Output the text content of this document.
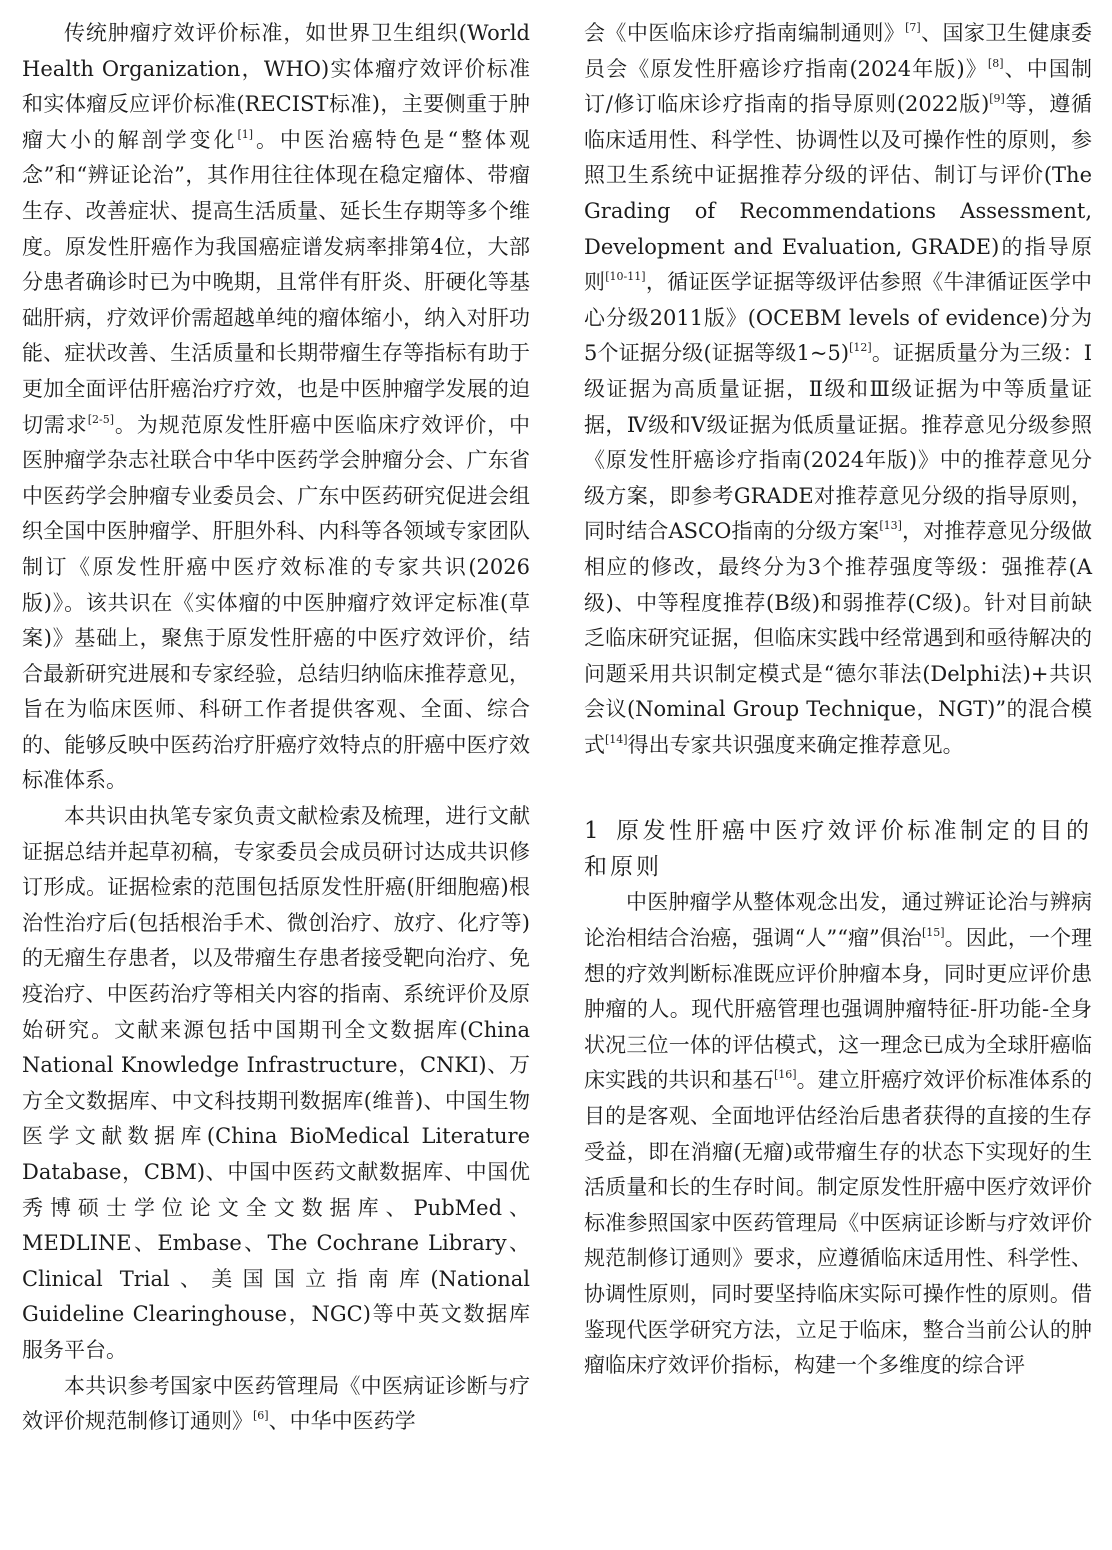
传统肿瘤疗效评价标准，如世界卫生组织(World Health Organization，WHO)实体瘤疗效评价标准和实体瘤反应评价标准(RECIST标准)，主要侧重于肿瘤大小的解剖学变化[1]。中医治癌特色是“整体观念”和“辨证论治”，其作用往往体现在稳定瘤体、带瘤生存、改善症状、提高生活质量、延长生存期等多个维度。原发性肝癌作为我国癌症谱发病率排第4位，大部分患者确诊时已为中晚期，且常伴有肝炎、肝硬化等基础肝病，疗效评价需超越单纯的瘤体缩小，纳入对肝功能、症状改善、生活质量和长期带瘤生存等指标有助于更加全面评估肝癌治疗疗效，也是中医肿瘤学发展的迫切需求[2-5]。为规范原发性肝癌中医临床疗效评价，中医肿瘤学杂志社联合中华中医药学会肿瘤分会、广东省中医药学会肿瘤专业委员会、广东中医药研究促进会组织全国中医肿瘤学、肝胆外科、内科等各领域专家团队制订《原发性肝癌中医疗效标准的专家共识(2026版)》。该共识在《实体瘤的中医肿瘤疗效评定标准(草案)》基础上，聚焦于原发性肝癌的中医疗效评价，结合最新研究进展和专家经验，总结归纳临床推荐意见，旨在为临床医师、科研工作者提供客观、全面、综合的、能够反映中医药治疗肝癌疗效特点的肝癌中医疗效标准体系。

本共识由执笔专家负责文献检索及梳理，进行文献证据总结并起草初稿，专家委员会成员研讨达成共识修订形成。证据检索的范围包括原发性肝癌(肝细胞癌)根治性治疗后(包括根治手术、微创治疗、放疗、化疗等)的无瘤生存患者，以及带瘤生存患者接受靶向治疗、免疫治疗、中医药治疗等相关内容的指南、系统评价及原始研究。文献来源包括中国期刊全文数据库(China National Knowledge Infrastructure，CNKI)、万方全文数据库、中文科技期刊数据库(维普)、中国生物医学文献数据库(China BioMedical Literature Database，CBM)、中国中医药文献数据库、中国优秀博硕士学位论文全文数据库、PubMed、MEDLINE、Embase、The Cochrane Library、Clinical Trial、美国国立指南库(National Guideline Clearinghouse，NGC)等中英文数据库服务平台。

本共识参考国家中医药管理局《中医病证诊断与疗效评价规范制修订通则》[6]、中华中医药学

会《中医临床诊疗指南编制通则》[7]、国家卫生健康委员会《原发性肝癌诊疗指南(2024年版)》[8]、中国制订/修订临床诊疗指南的指导原则(2022版)[9]等，遵循临床适用性、科学性、协调性以及可操作性的原则，参照卫生系统中证据推荐分级的评估、制订与评价(The Grading of Recommendations Assessment, Development and Evaluation, GRADE)的指导原则[10-11]，循证医学证据等级评估参照《牛津循证医学中心分级2011版》(OCEBM levels of evidence)分为5个证据分级(证据等级1~5)[12]。证据质量分为三级：Ⅰ级证据为高质量证据，Ⅱ级和Ⅲ级证据为中等质量证据，Ⅳ级和Ⅴ级证据为低质量证据。推荐意见分级参照《原发性肝癌诊疗指南(2024年版)》中的推荐意见分级方案，即参考GRADE对推荐意见分级的指导原则，同时结合ASCO指南的分级方案[13]，对推荐意见分级做相应的修改，最终分为3个推荐强度等级：强推荐(A级)、中等程度推荐(B级)和弱推荐(C级)。针对目前缺乏临床研究证据，但临床实践中经常遇到和亟待解决的问题采用共识制定模式是“德尔菲法(Delphi法)+共识会议(Nominal Group Technique，NGT)”的混合模式[14]得出专家共识强度来确定推荐意见。

1 原发性肝癌中医疗效评价标准制定的目的和原则

中医肿瘤学从整体观念出发，通过辨证论治与辨病论治相结合治癌，强调“人”“瘤”俱治[15]。因此，一个理想的疗效判断标准既应评价肿瘤本身，同时更应评价患肿瘤的人。现代肝癌管理也强调肿瘤特征-肝功能-全身状况三位一体的评估模式，这一理念已成为全球肝癌临床实践的共识和基石[16]。建立肝癌疗效评价标准体系的目的是客观、全面地评估经治后患者获得的直接的生存受益，即在消瘤(无瘤)或带瘤生存的状态下实现好的生活质量和长的生存时间。制定原发性肝癌中医疗效评价标准参照国家中医药管理局《中医病证诊断与疗效评价规范制修订通则》要求，应遵循临床适用性、科学性、协调性原则，同时要坚持临床实际可操作性的原则。借鉴现代医学研究方法，立足于临床，整合当前公认的肿瘤临床疗效评价指标，构建一个多维度的综合评
